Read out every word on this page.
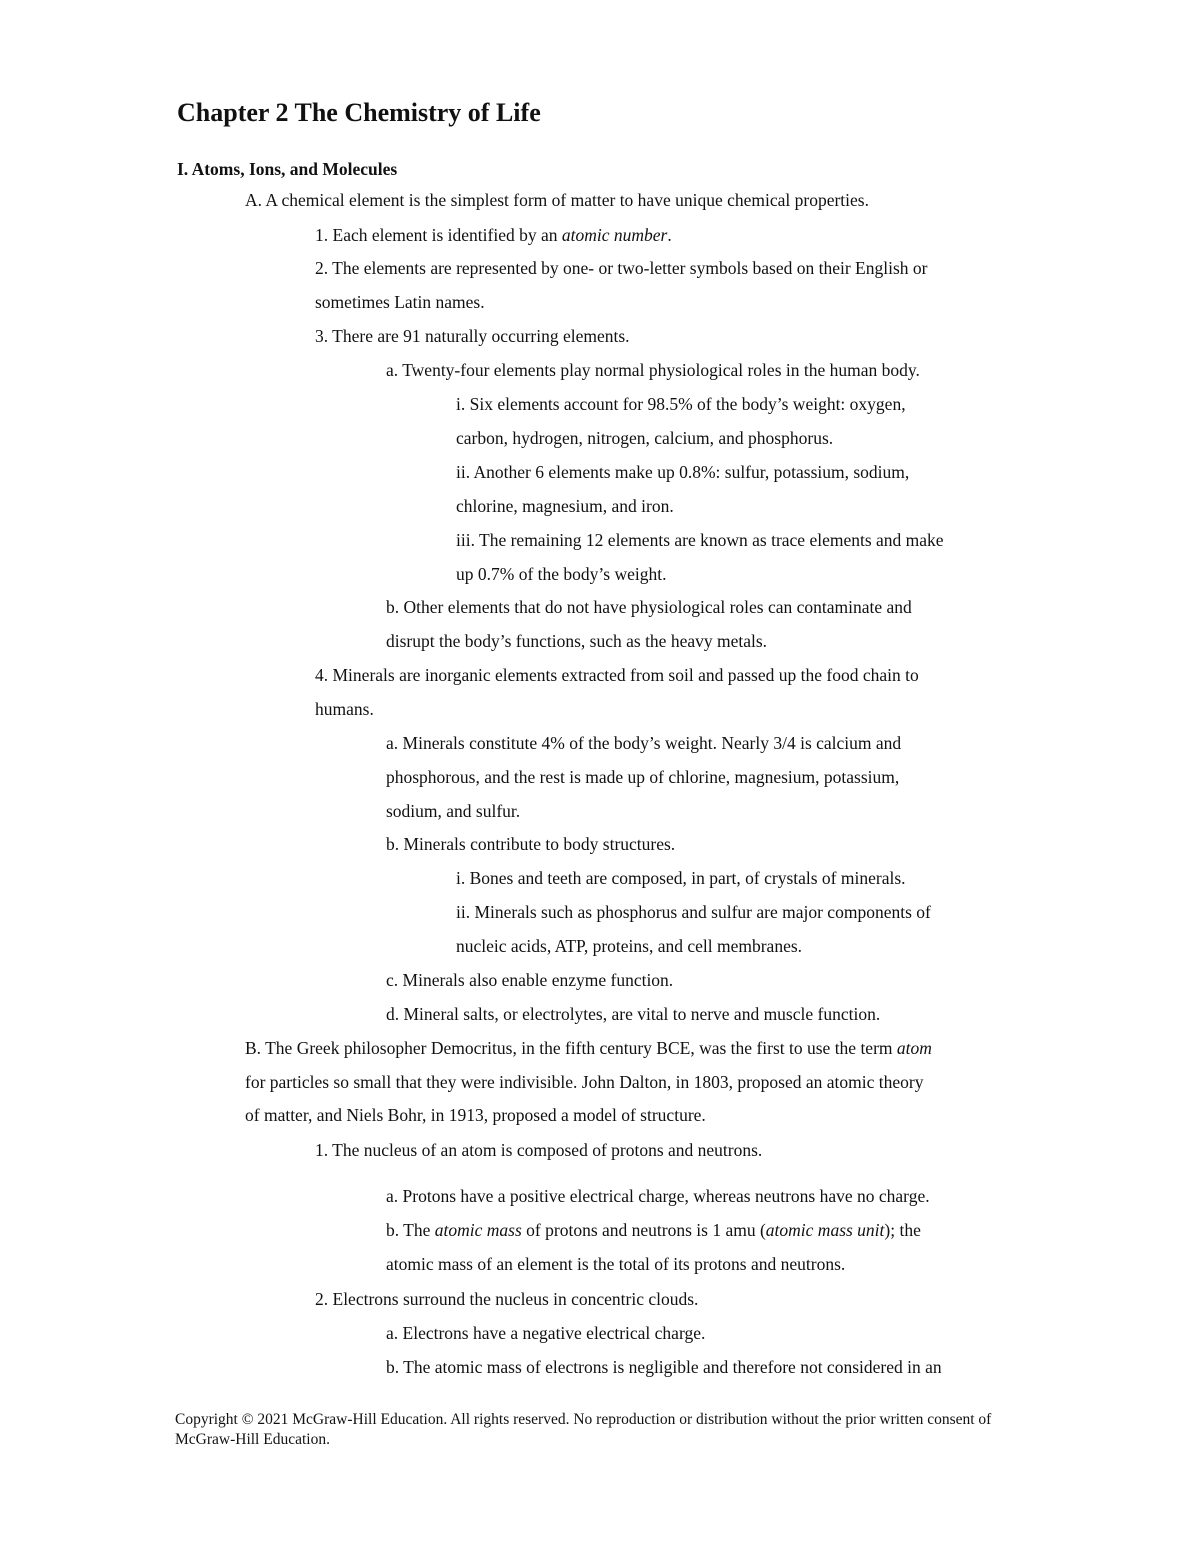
Chapter 2 The Chemistry of Life
I. Atoms, Ions, and Molecules

A. A chemical element is the simplest form of matter to have unique chemical properties.

1. Each element is identified by an atomic number.

2. The elements are represented by one- or two-letter symbols based on their English or

sometimes Latin names.

3. There are 91 naturally occurring elements.

a. Twenty-four elements play normal physiological roles in the human body.

i. Six elements account for 98.5% of the body’s weight: oxygen,

carbon, hydrogen, nitrogen, calcium, and phosphorus.

ii. Another 6 elements make up 0.8%: sulfur, potassium, sodium,

chlorine, magnesium, and iron.

iii. The remaining 12 elements are known as trace elements and make

up 0.7% of the body’s weight.

b. Other elements that do not have physiological roles can contaminate and

disrupt the body’s functions, such as the heavy metals.

4. Minerals are inorganic elements extracted from soil and passed up the food chain to

humans.

a. Minerals constitute 4% of the body’s weight. Nearly 3/4 is calcium and

phosphorous, and the rest is made up of chlorine, magnesium, potassium,

sodium, and sulfur.

b. Minerals contribute to body structures.

i. Bones and teeth are composed, in part, of crystals of minerals.

ii. Minerals such as phosphorus and sulfur are major components of

nucleic acids, ATP, proteins, and cell membranes.

c. Minerals also enable enzyme function.

d. Mineral salts, or electrolytes, are vital to nerve and muscle function.

B. The Greek philosopher Democritus, in the fifth century BCE, was the first to use the term atom

for particles so small that they were indivisible. John Dalton, in 1803, proposed an atomic theory

of matter, and Niels Bohr, in 1913, proposed a model of structure.

1. The nucleus of an atom is composed of protons and neutrons.

a. Protons have a positive electrical charge, whereas neutrons have no charge.

b. The atomic mass of protons and neutrons is 1 amu (atomic mass unit); the

atomic mass of an element is the total of its protons and neutrons.

2. Electrons surround the nucleus in concentric clouds.

a. Electrons have a negative electrical charge.

b. The atomic mass of electrons is negligible and therefore not considered in an

Copyright © 2021 McGraw-Hill Education. All rights reserved. No reproduction or distribution without the prior written consent of McGraw-Hill Education.
